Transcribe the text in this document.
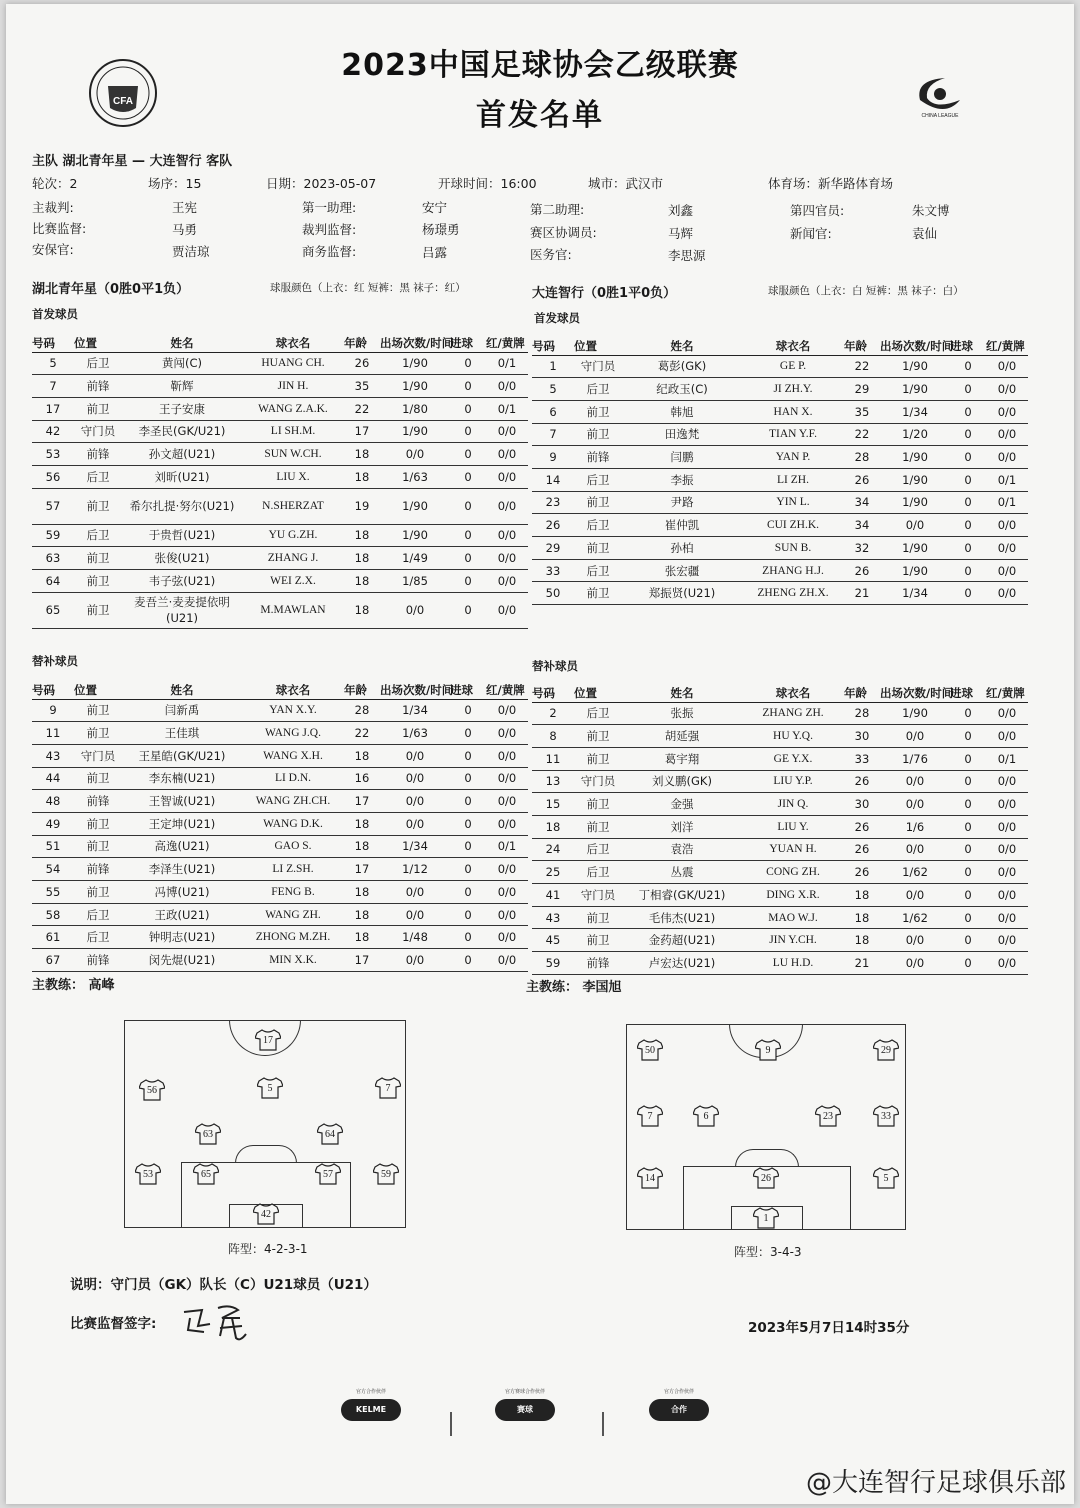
CFA
CHINA LEAGUE
2023中国足球协会乙级联赛
首发名单
主队 湖北青年星 — 大连智行 客队
轮次：2	场序：15	日期：2023-05-07	开球时间：16:00	城市：武汉市	体育场：新华路体育场
主裁判:	王宪	第一助理:	安宁	第二助理:	刘鑫	第四官员:	朱文博
比赛监督:	马勇	裁判监督:	杨璟勇	赛区协调员:	马辉	新闻官:	袁仙
安保官:	贾洁琼	商务监督:	吕露	医务官:	李思源
湖北青年星（0胜0平1负）	球服颜色（上衣：红 短裤：黑 袜子：红）
首发球员
大连智行（0胜1平0负）	球服颜色（上衣：白 短裤：黑 袜子：白）
首发球员
号码	位置	姓名	球衣名	年龄	出场次数/时间	进球	红/黄牌
5	后卫	黄闯(C)	HUANG CH.	26	1/90	0	0/1
7	前锋	靳辉	JIN H.	35	1/90	0	0/0
17	前卫	王子安康	WANG Z.A.K.	22	1/80	0	0/1
42	守门员	李圣民(GK/U21)	LI SH.M.	17	1/90	0	0/0
53	前锋	孙文超(U21)	SUN W.CH.	18	0/0	0	0/0
56	后卫	刘昕(U21)	LIU X.	18	1/63	0	0/0
57	前卫	希尔扎提·努尔(U21)	N.SHERZAT	19	1/90	0	0/0
59	后卫	于贵哲(U21)	YU G.ZH.	18	1/90	0	0/0
63	前卫	张俊(U21)	ZHANG J.	18	1/49	0	0/0
64	前卫	韦子弦(U21)	WEI Z.X.	18	1/85	0	0/0
65	前卫	麦吾兰·麦麦提依明(U21)	M.MAWLAN	18	0/0	0	0/0
号码	位置	姓名	球衣名	年龄	出场次数/时间	进球	红/黄牌
1	守门员	葛彭(GK)	GE P.	22	1/90	0	0/0
5	后卫	纪政玉(C)	JI ZH.Y.	29	1/90	0	0/0
6	前卫	韩旭	HAN X.	35	1/34	0	0/0
7	前卫	田逸梵	TIAN Y.F.	22	1/20	0	0/0
9	前锋	闫鹏	YAN P.	28	1/90	0	0/0
14	后卫	李振	LI ZH.	26	1/90	0	0/1
23	前卫	尹路	YIN L.	34	1/90	0	0/1
26	后卫	崔仲凯	CUI ZH.K.	34	0/0	0	0/0
29	前卫	孙柏	SUN B.	32	1/90	0	0/0
33	后卫	张宏疆	ZHANG H.J.	26	1/90	0	0/0
50	前卫	郑振贤(U21)	ZHENG ZH.X.	21	1/34	0	0/0
替补球员	替补球员
号码	位置	姓名	球衣名	年龄	出场次数/时间	进球	红/黄牌
9	前卫	闫新禹	YAN X.Y.	28	1/34	0	0/0
11	前卫	王佳琪	WANG J.Q.	22	1/63	0	0/0
43	守门员	王星皓(GK/U21)	WANG X.H.	18	0/0	0	0/0
44	前卫	李东楠(U21)	LI D.N.	16	0/0	0	0/0
48	前锋	王智诚(U21)	WANG ZH.CH.	17	0/0	0	0/0
49	前卫	王定坤(U21)	WANG D.K.	18	0/0	0	0/0
51	前卫	高逸(U21)	GAO S.	18	1/34	0	0/1
54	前锋	李泽生(U21)	LI Z.SH.	17	1/12	0	0/0
55	前卫	冯博(U21)	FENG B.	18	0/0	0	0/0
58	后卫	王政(U21)	WANG ZH.	18	0/0	0	0/0
61	后卫	钟明志(U21)	ZHONG M.ZH.	18	1/48	0	0/0
67	前锋	闵先焜(U21)	MIN X.K.	17	0/0	0	0/0
号码	位置	姓名	球衣名	年龄	出场次数/时间	进球	红/黄牌
2	后卫	张振	ZHANG ZH.	28	1/90	0	0/0
8	前卫	胡延强	HU Y.Q.	30	0/0	0	0/0
11	前卫	葛宇翔	GE Y.X.	33	1/76	0	0/1
13	守门员	刘义鹏(GK)	LIU Y.P.	26	0/0	0	0/0
15	前卫	金强	JIN Q.	30	0/0	0	0/0
18	前卫	刘洋	LIU Y.	26	1/6	0	0/0
24	后卫	袁浩	YUAN H.	26	0/0	0	0/0
25	后卫	丛震	CONG ZH.	26	1/62	0	0/0
41	守门员	丁相睿(GK/U21)	DING X.R.	18	0/0	0	0/0
43	前卫	毛伟杰(U21)	MAO W.J.	18	1/62	0	0/0
45	前卫	金药超(U21)	JIN Y.CH.	18	0/0	0	0/0
59	前锋	卢宏达(U21)	LU H.D.	21	0/0	0	0/0
主教练： 高峰	主教练： 李国旭
17
56	5	7
63	64
53	65	57	59
42
阵型：4-2-3-1
50	9	29
7	6	23	33
14	26	5
1
阵型：3-4-3
说明：守门员（GK）队长（C）U21球员（U21）
比赛监督签字:	2023年5月7日14时35分
官方合作伙伴
KELME
官方赛球合作伙伴
赛球
官方合作伙伴
合作
@大连智行足球俱乐部
